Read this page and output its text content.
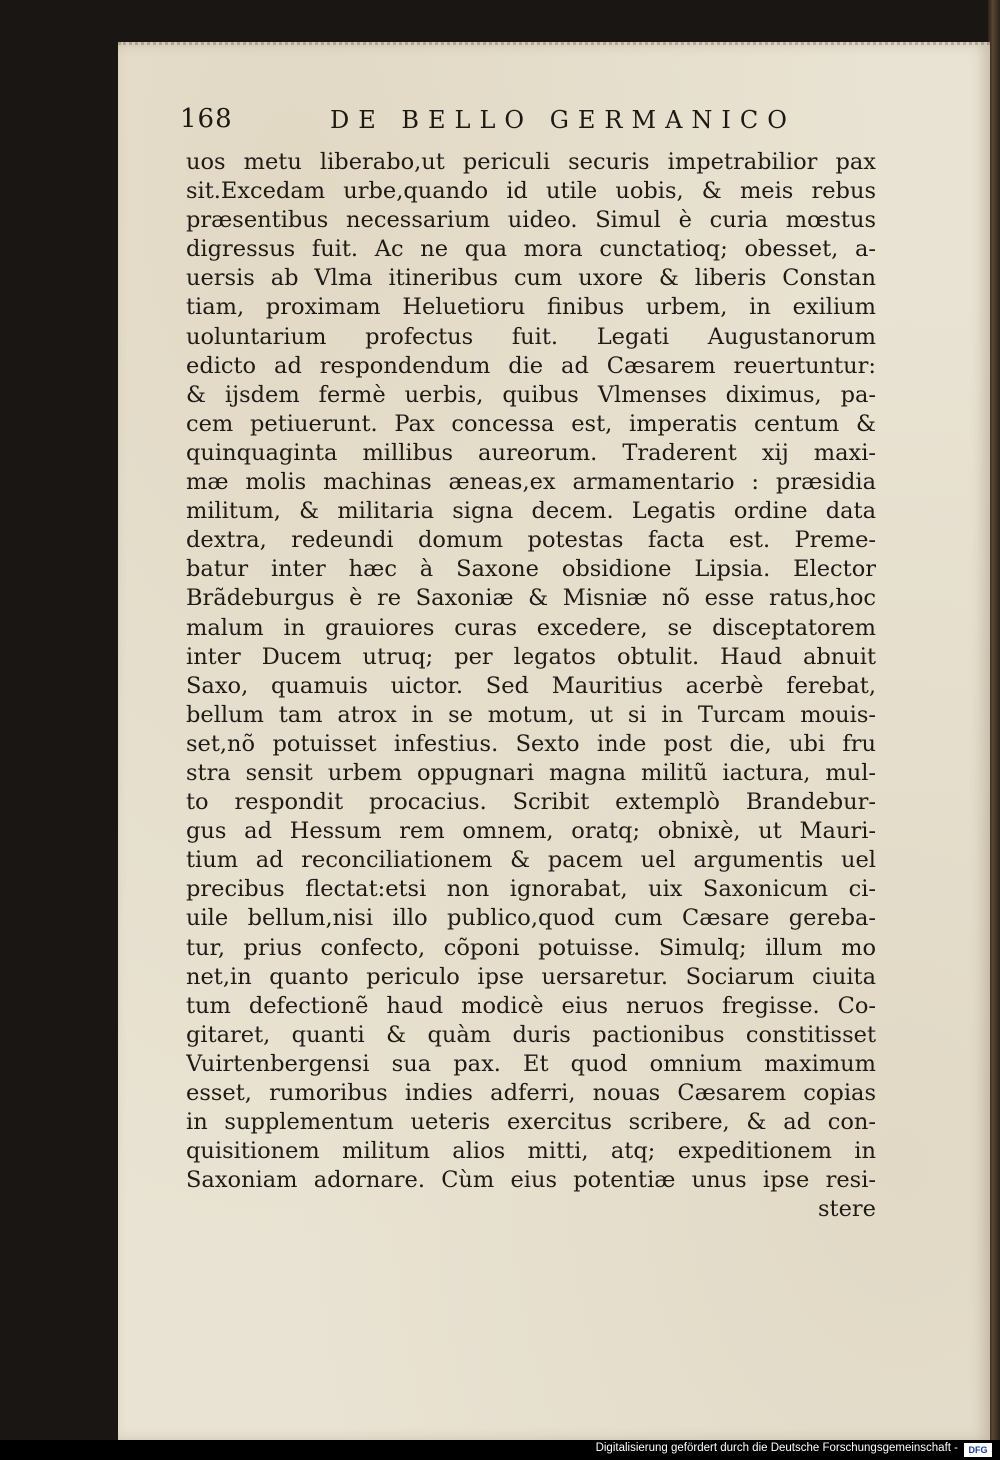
168	DE BELLO GERMANICO
uos metu liberabo,ut periculi securis impetrabilior pax
sit.Excedam urbe,quando id utile uobis, & meis rebus
præsentibus necessarium uideo. Simul è curia mœstus
digressus fuit. Ac ne qua mora cunctatioq; obesset, a-
uersis ab Vlma itineribus cum uxore & liberis Constan
tiam, proximam Heluetioru finibus urbem, in exilium
uoluntarium profectus fuit. Legati Augustanorum
edicto ad respondendum die ad Cæsarem reuertuntur:
& ijsdem fermè uerbis, quibus Vlmenses diximus, pa-
cem petiuerunt. Pax concessa est, imperatis centum &
quinquaginta millibus aureorum. Traderent xij maxi-
mæ molis machinas æneas,ex armamentario : præsidia
militum, & militaria signa decem. Legatis ordine data
dextra, redeundi domum potestas facta est. Preme-
batur inter hæc à Saxone obsidione Lipsia. Elector
Brãdeburgus è re Saxoniæ & Misniæ nõ esse ratus,hoc
malum in grauiores curas excedere, se disceptatorem
inter Ducem utruq; per legatos obtulit. Haud abnuit
Saxo, quamuis uictor. Sed Mauritius acerbè ferebat,
bellum tam atrox in se motum, ut si in Turcam mouis-
set,nõ potuisset infestius. Sexto inde post die, ubi fru
stra sensit urbem oppugnari magna militũ iactura, mul-
to respondit procacius. Scribit extemplò Brandebur-
gus ad Hessum rem omnem, oratq; obnixè, ut Mauri-
tium ad reconciliationem & pacem uel argumentis uel
precibus flectat:etsi non ignorabat, uix Saxonicum ci-
uile bellum,nisi illo publico,quod cum Cæsare gereba-
tur, prius confecto, cõponi potuisse. Simulq; illum mo
net,in quanto periculo ipse uersaretur. Sociarum ciuita
tum defectionẽ haud modicè eius neruos fregisse. Co-
gitaret, quanti & quàm duris pactionibus constitisset
Vuirtenbergensi sua pax. Et quod omnium maximum
esset, rumoribus indies adferri, nouas Cæsarem copias
in supplementum ueteris exercitus scribere, & ad con-
quisitionem militum alios mitti, atq; expeditionem in
Saxoniam adornare. Cùm eius potentiæ unus ipse resi-
stere
Digitalisierung gefördert durch die Deutsche Forschungsgemeinschaft -	DFG
